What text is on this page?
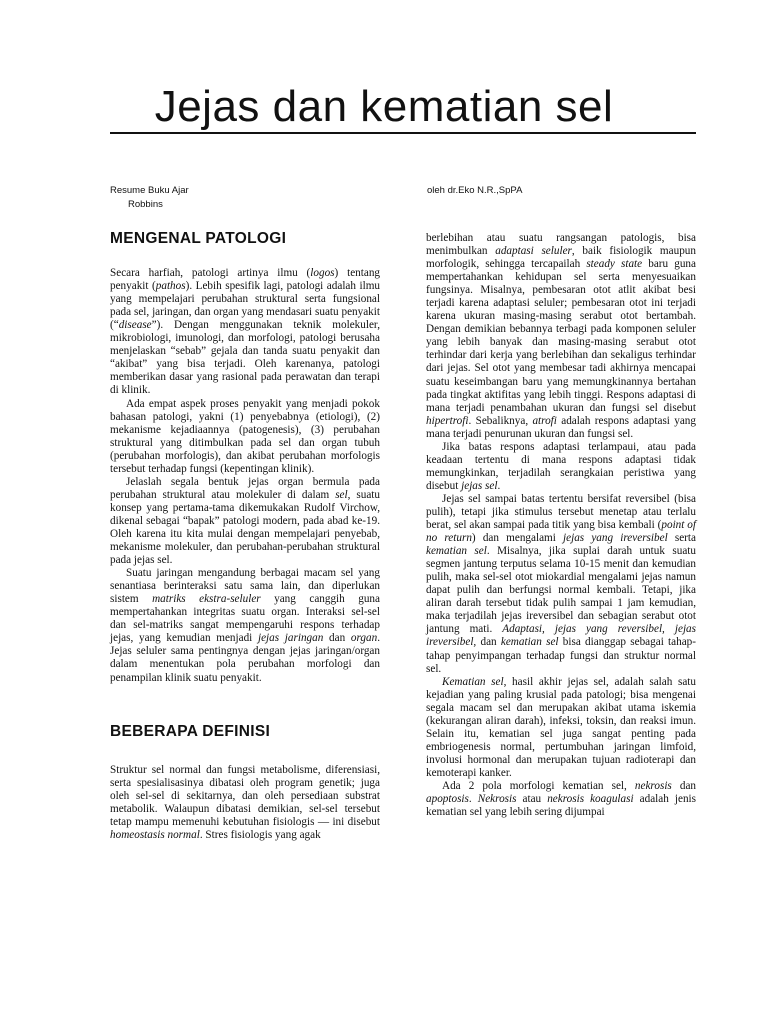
Jejas dan kematian sel
Resume Buku Ajar
Robbins
oleh dr.Eko N.R.,SpPA
MENGENAL PATOLOGI

Secara harfiah, patologi artinya ilmu (logos) tentang penyakit (pathos). Lebih spesifik lagi, patologi adalah ilmu yang mempelajari perubahan struktural serta fungsional pada sel, jaringan, dan organ yang mendasari suatu penyakit (“disease”). Dengan menggunakan teknik molekuler, mikrobiologi, imunologi, dan morfologi, patologi berusaha menjelaskan “sebab” gejala dan tanda suatu penyakit dan “akibat” yang bisa terjadi. Oleh karenanya, patologi memberikan dasar yang rasional pada perawatan dan terapi di klinik.

Ada empat aspek proses penyakit yang menjadi pokok bahasan patologi, yakni (1) penyebabnya (etiologi), (2) mekanisme kejadiaannya (patogenesis), (3) perubahan struktural yang ditimbulkan pada sel dan organ tubuh (perubahan morfologis), dan akibat perubahan morfologis tersebut terhadap fungsi (kepentingan klinik).

Jelaslah segala bentuk jejas organ bermula pada perubahan struktural atau molekuler di dalam sel, suatu konsep yang pertama-tama dikemukakan Rudolf Virchow, dikenal sebagai “bapak” patologi modern, pada abad ke-19. Oleh karena itu kita mulai dengan mempelajari penyebab, mekanisme molekuler, dan perubahan-perubahan struktural pada jejas sel.

Suatu jaringan mengandung berbagai macam sel yang senantiasa berinteraksi satu sama lain, dan diperlukan sistem matriks ekstra-seluler yang canggih guna mempertahankan integritas suatu organ. Interaksi sel-sel dan sel-matriks sangat mempengaruhi respons terhadap jejas, yang kemudian menjadi jejas jaringan dan organ. Jejas seluler sama pentingnya dengan jejas jaringan/organ dalam menentukan pola perubahan morfologi dan penampilan klinik suatu penyakit.

BEBERAPA DEFINISI

Struktur sel normal dan fungsi metabolisme, diferensiasi, serta spesialisasinya dibatasi oleh program genetik; juga oleh sel-sel di sekitarnya, dan oleh persediaan substrat metabolik. Walaupun dibatasi demikian, sel-sel tersebut tetap mampu memenuhi kebutuhan fisiologis — ini disebut homeostasis normal. Stres fisiologis yang agak

berlebihan atau suatu rangsangan patologis, bisa menimbulkan adaptasi seluler, baik fisiologik maupun morfologik, sehingga tercapailah steady state baru guna mempertahankan kehidupan sel serta menyesuaikan fungsinya. Misalnya, pembesaran otot atlit akibat besi terjadi karena adaptasi seluler; pembesaran otot ini terjadi karena ukuran masing-masing serabut otot bertambah. Dengan demikian bebannya terbagi pada komponen seluler yang lebih banyak dan masing-masing serabut otot terhindar dari kerja yang berlebihan dan sekaligus terhindar dari jejas. Sel otot yang membesar tadi akhirnya mencapai suatu keseimbangan baru yang memungkinannya bertahan pada tingkat aktifitas yang lebih tinggi. Respons adaptasi di mana terjadi penambahan ukuran dan fungsi sel disebut hipertrofi. Sebaliknya, atrofi adalah respons adaptasi yang mana terjadi penurunan ukuran dan fungsi sel.

Jika batas respons adaptasi terlampaui, atau pada keadaan tertentu di mana respons adaptasi tidak memungkinkan, terjadilah serangkaian peristiwa yang disebut jejas sel.

Jejas sel sampai batas tertentu bersifat reversibel (bisa pulih), tetapi jika stimulus tersebut menetap atau terlalu berat, sel akan sampai pada titik yang bisa kembali (point of no return) dan mengalami jejas yang ireversibel serta kematian sel. Misalnya, jika suplai darah untuk suatu segmen jantung terputus selama 10-15 menit dan kemudian pulih, maka sel-sel otot miokardial mengalami jejas namun dapat pulih dan berfungsi normal kembali. Tetapi, jika aliran darah tersebut tidak pulih sampai 1 jam kemudian, maka terjadilah jejas ireversibel dan sebagian serabut otot jantung mati. Adaptasi, jejas yang reversibel, jejas ireversibel, dan kematian sel bisa dianggap sebagai tahap-tahap penyimpangan terhadap fungsi dan struktur normal sel.

Kematian sel, hasil akhir jejas sel, adalah salah satu kejadian yang paling krusial pada patologi; bisa mengenai segala macam sel dan merupakan akibat utama iskemia (kekurangan aliran darah), infeksi, toksin, dan reaksi imun. Selain itu, kematian sel juga sangat penting pada embriogenesis normal, pertumbuhan jaringan limfoid, involusi hormonal dan merupakan tujuan radioterapi dan kemoterapi kanker.

Ada 2 pola morfologi kematian sel, nekrosis dan apoptosis. Nekrosis atau nekrosis koagulasi adalah jenis kematian sel yang lebih sering dijumpai
